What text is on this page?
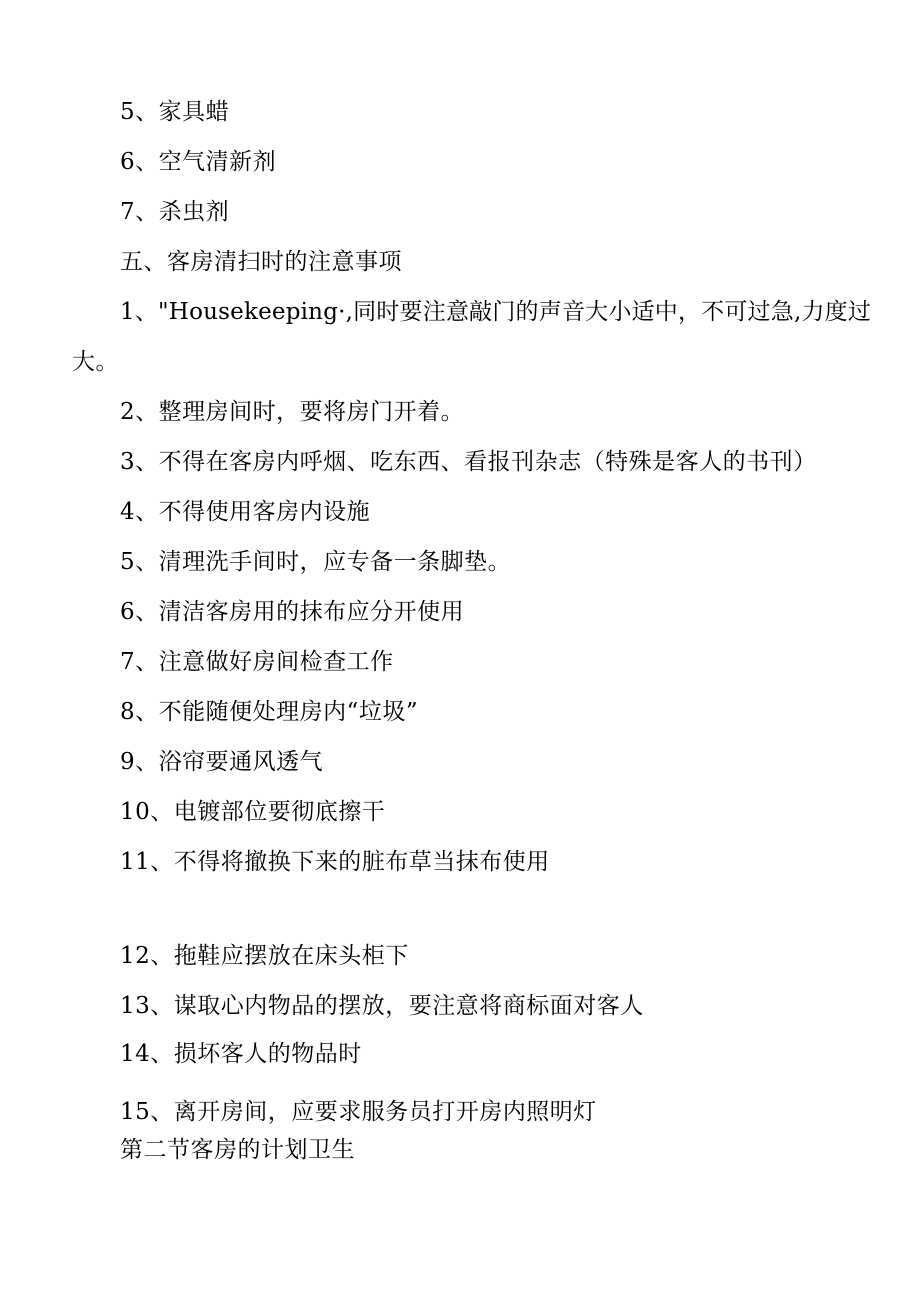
5、家具蜡
6、空气清新剂
7、杀虫剂
五、客房清扫时的注意事项
1、"Housekeeping·,同时要注意敲门的声音大小适中，不可过急,力度过
大。
2、整理房间时，要将房门开着。
3、不得在客房内呼烟、吃东西、看报刊杂志（特殊是客人的书刊）
4、不得使用客房内设施
5、清理洗手间时，应专备一条脚垫。
6、清洁客房用的抹布应分开使用
7、注意做好房间检查工作
8、不能随便处理房内“垃圾”
9、浴帘要通风透气
10、电镀部位要彻底擦干
11、不得将撤换下来的脏布草当抹布使用
12、拖鞋应摆放在床头柜下
13、谋取心内物品的摆放，要注意将商标面对客人
14、损坏客人的物品时
15、离开房间，应要求服务员打开房内照明灯
第二节客房的计划卫生
